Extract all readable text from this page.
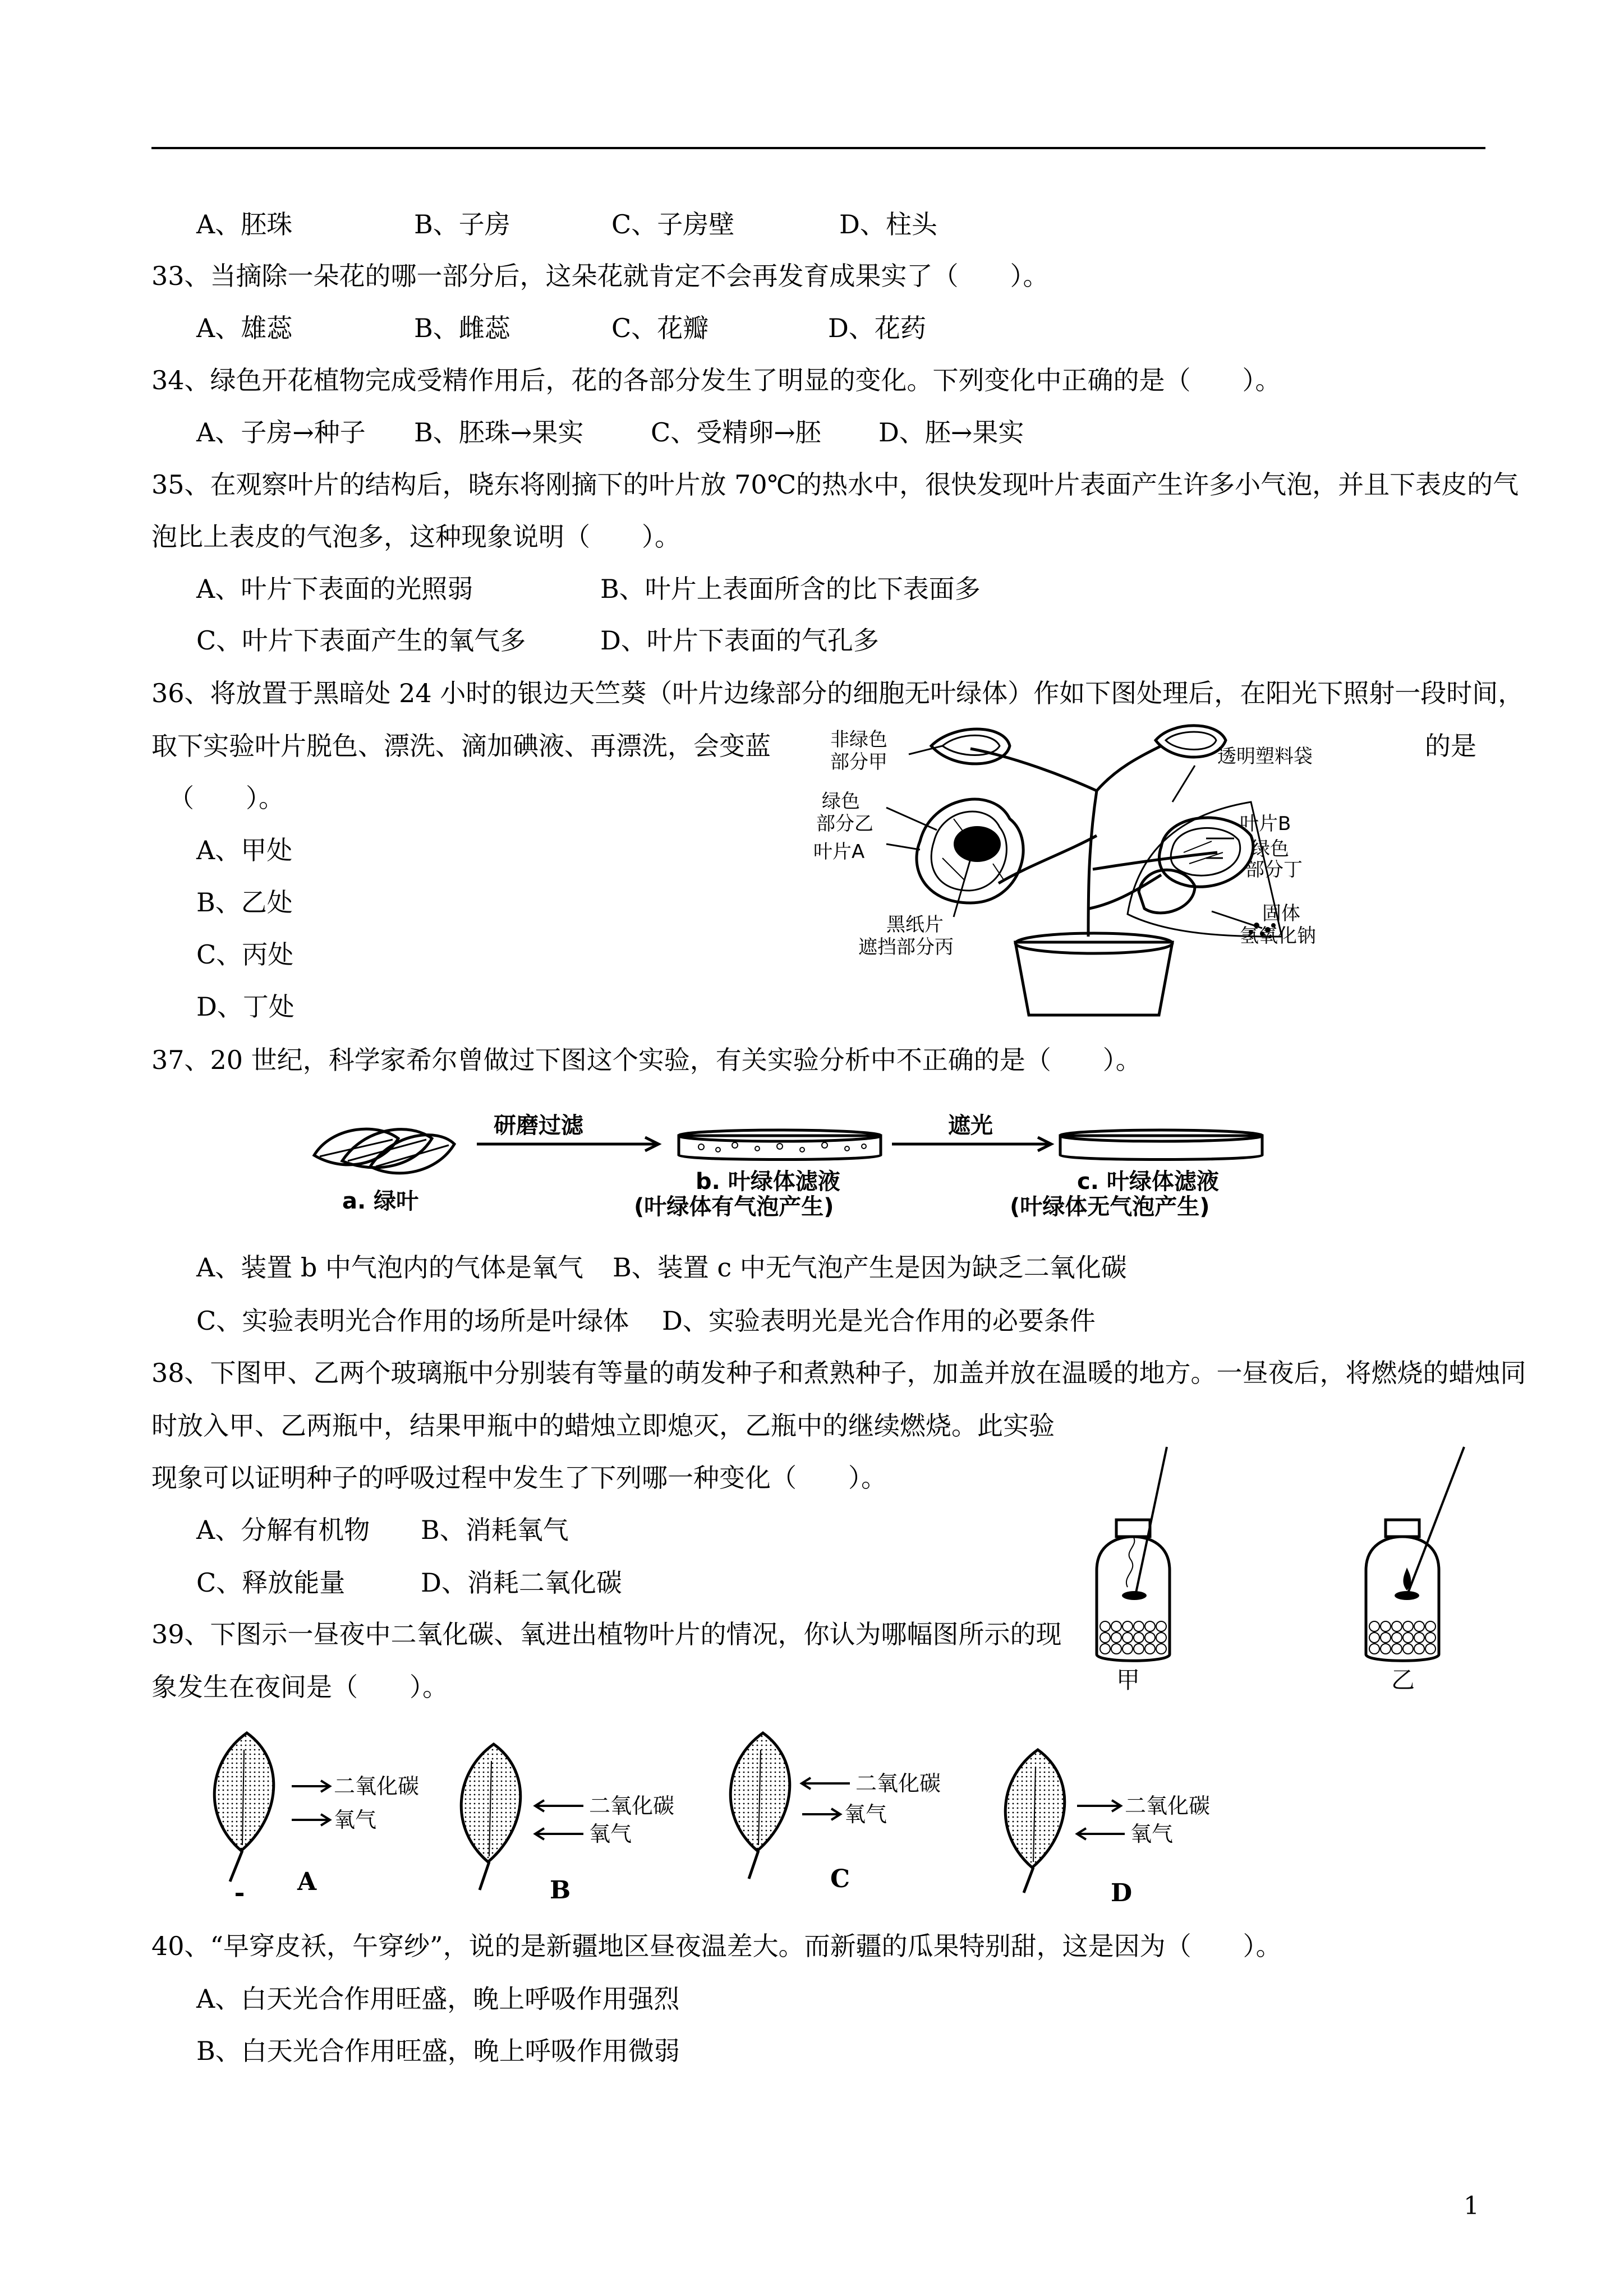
A、胚珠	B、子房	C、子房壁	D、柱头
33、当摘除一朵花的哪一部分后，这朵花就肯定不会再发育成果实了（　　）。
A、雄蕊	B、雌蕊	C、花瓣	D、花药
34、绿色开花植物完成受精作用后，花的各部分发生了明显的变化。下列变化中正确的是（　　）。
A、子房→种子 B、胚珠→果实	C、受精卵→胚 D、胚→果实
35、在观察叶片的结构后，晓东将刚摘下的叶片放 70℃的热水中，很快发现叶片表面产生许多小气泡，并且下表皮的气
泡比上表皮的气泡多，这种现象说明（　　）。
A、叶片下表面的光照弱	B、叶片上表面所含的比下表面多
C、叶片下表面产生的氧气多	D、叶片下表面的气孔多
36、将放置于黑暗处 24 小时的银边天竺葵（叶片边缘部分的细胞无叶绿体）作如下图处理后，在阳光下照射一段时间，
取下实验叶片脱色、漂洗、滴加碘液、再漂洗，会变蓝	的是
（　　）。
A、甲处
B、乙处
C、丙处
D、丁处
非绿色
部分甲
绿色
部分乙
叶片A
黑纸片
遮挡部分丙
透明塑料袋
叶片B
绿色
部分丁
固体
氢氧化钠
37、20 世纪，科学家希尔曾做过下图这个实验，有关实验分析中不正确的是（　　）。
研磨过滤	遮光
a. 绿叶
b. 叶绿体滤液
(叶绿体有气泡产生)
c. 叶绿体滤液
(叶绿体无气泡产生)
A、装置 b 中气泡内的气体是氧气 B、装置 c 中无气泡产生是因为缺乏二氧化碳
C、实验表明光合作用的场所是叶绿体 D、实验表明光是光合作用的必要条件
38、下图甲、乙两个玻璃瓶中分别装有等量的萌发种子和煮熟种子，加盖并放在温暖的地方。一昼夜后，将燃烧的蜡烛同
时放入甲、乙两瓶中，结果甲瓶中的蜡烛立即熄灭，乙瓶中的继续燃烧。此实验
现象可以证明种子的呼吸过程中发生了下列哪一种变化（　　）。
A、分解有机物 B、消耗氧气
C、释放能量	D、消耗二氧化碳
甲	乙
39、下图示一昼夜中二氧化碳、氧进出植物叶片的情况，你认为哪幅图所示的现
象发生在夜间是（　　）。
二氧化碳
氧气
二氧化碳
氧气
二氧化碳
氧气	二氧化碳
氧气
A	B	C	D
40、“早穿皮袄，午穿纱”，说的是新疆地区昼夜温差大。而新疆的瓜果特别甜，这是因为（　　）。
A、白天光合作用旺盛，晚上呼吸作用强烈
B、白天光合作用旺盛，晚上呼吸作用微弱
1
